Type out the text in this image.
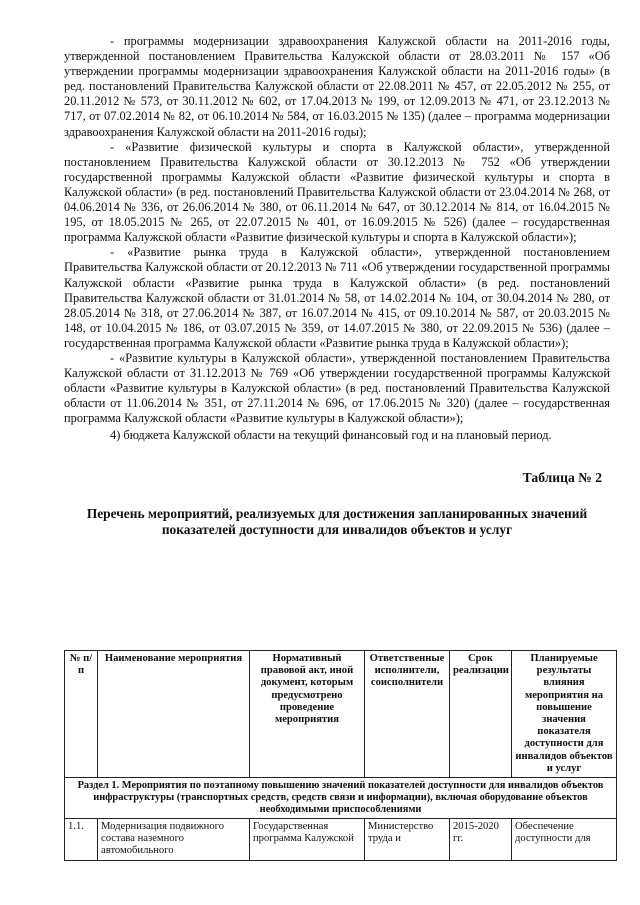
- программы модернизации здравоохранения Калужской области на 2011-2016 годы, утвержденной постановлением Правительства Калужской области от 28.03.2011 № 157 «Об утверждении программы модернизации здравоохранения Калужской области на 2011-2016 годы» (в ред. постановлений Правительства Калужской области от 22.08.2011 № 457, от 22.05.2012 № 255, от 20.11.2012 № 573, от 30.11.2012 № 602, от 17.04.2013 № 199, от 12.09.2013 № 471, от 23.12.2013 № 717, от 07.02.2014 № 82, от 06.10.2014 № 584, от 16.03.2015 № 135) (далее – программа модернизации здравоохранения Калужской области на 2011-2016 годы);

- «Развитие физической культуры и спорта в Калужской области», утвержденной постановлением Правительства Калужской области от 30.12.2013 № 752 «Об утверждении государственной программы Калужской области «Развитие физической культуры и спорта в Калужской области» (в ред. постановлений Правительства Калужской области от 23.04.2014 № 268, от 04.06.2014 № 336, от 26.06.2014 № 380, от 06.11.2014 № 647, от 30.12.2014 № 814, от 16.04.2015 № 195, от 18.05.2015 № 265, от 22.07.2015 № 401, от 16.09.2015 № 526) (далее – государственная программа Калужской области «Развитие физической культуры и спорта в Калужской области»);

- «Развитие рынка труда в Калужской области», утвержденной постановлением Правительства Калужской области от 20.12.2013 № 711 «Об утверждении государственной программы Калужской области «Развитие рынка труда в Калужской области» (в ред. постановлений Правительства Калужской области от 31.01.2014 № 58, от 14.02.2014 № 104, от 30.04.2014 № 280, от 28.05.2014 № 318, от 27.06.2014 № 387, от 16.07.2014 № 415, от 09.10.2014 № 587, от 20.03.2015 № 148, от 10.04.2015 № 186, от 03.07.2015 № 359, от 14.07.2015 № 380, от 22.09.2015 № 536) (далее – государственная программа Калужской области «Развитие рынка труда в Калужской области»);

- «Развитие культуры в Калужской области», утвержденной постановлением Правительства Калужской области от 31.12.2013 № 769 «Об утверждении государственной программы Калужской области «Развитие культуры в Калужской области» (в ред. постановлений Правительства Калужской области от 11.06.2014 № 351, от 27.11.2014 № 696, от 17.06.2015 № 320) (далее – государственная программа Калужской области «Развитие культуры в Калужской области»);

4) бюджета Калужской области на текущий финансовый год и на плановый период.

Таблица № 2
Перечень мероприятий, реализуемых для достижения запланированных значений
показателей доступности для инвалидов объектов и услуг
№ п/п	Наименование мероприятия	Нормативный правовой акт, иной документ, которым предусмотрено проведение мероприятия	Ответственные исполнители, соисполнители	Срок реализации	Планируемые результаты влияния мероприятия на повышение значения показателя доступности для инвалидов объектов и услуг
Раздел 1. Мероприятия по поэтапному повышению значений показателей доступности для инвалидов объектов инфраструктуры (транспортных средств, средств связи и информации), включая оборудование объектов необходимыми приспособлениями					
1.1.	Модернизация подвижного состава наземного автомобильного	Государственная программа Калужской	Министерство труда и	2015-2020 гг.	Обеспечение доступности для
